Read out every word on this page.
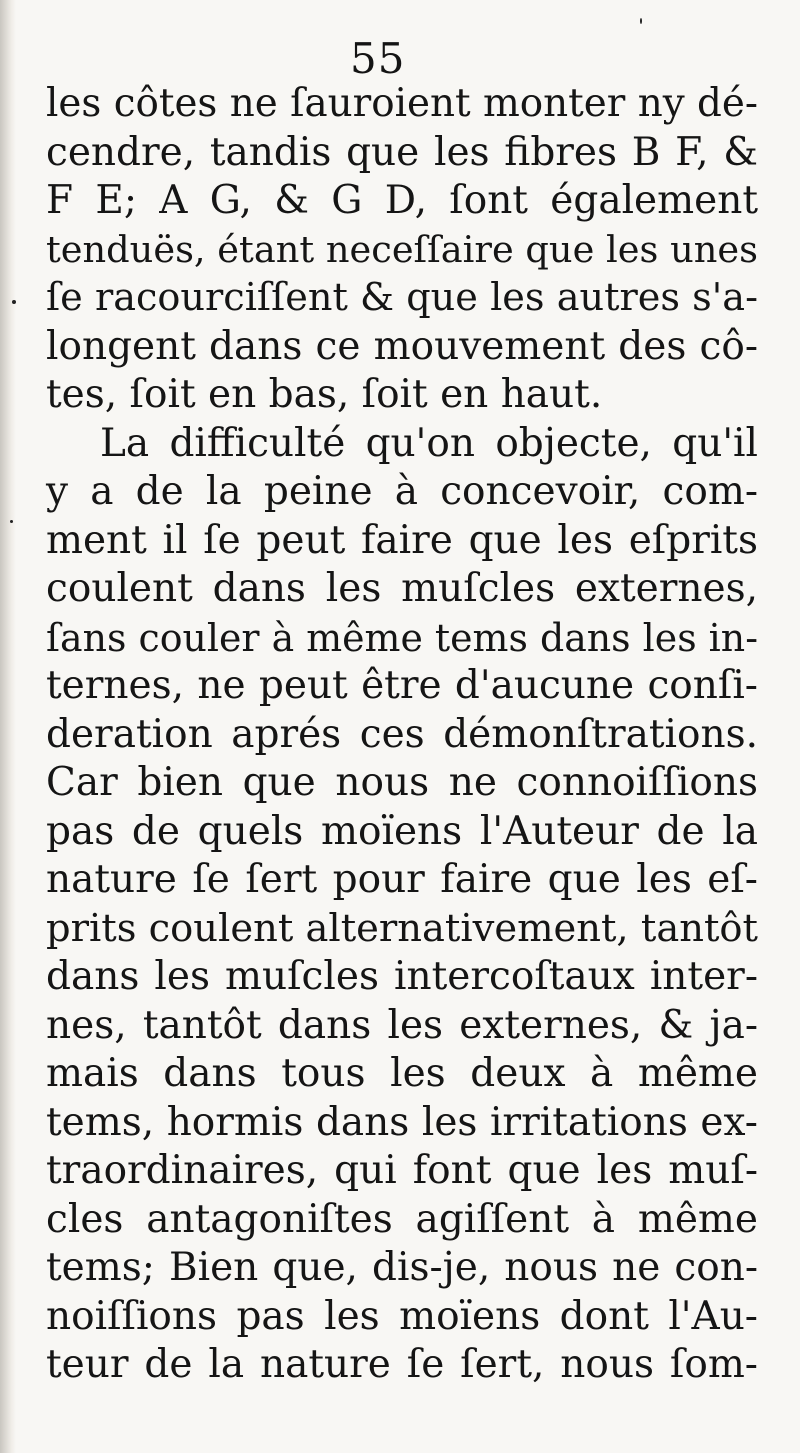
55
les côtes ne ſauroient monter ny dé-
cendre, tandis que les fibres B F, &
F E; A G, & G D, ſont également
tenduës, étant neceſſaire que les unes
ſe racourciſſent & que les autres s'a-
longent dans ce mouvement des cô-
tes, ſoit en bas, ſoit en haut.
La difficulté qu'on objecte, qu'il
y a de la peine à concevoir, com-
ment il ſe peut faire que les eſprits
coulent dans les muſcles externes,
ſans couler à même tems dans les in-
ternes, ne peut être d'aucune conſi-
deration aprés ces démonſtrations.
Car bien que nous ne connoiſſions
pas de quels moïens l'Auteur de la
nature ſe ſert pour faire que les eſ-
prits coulent alternativement, tantôt
dans les muſcles intercoſtaux inter-
nes, tantôt dans les externes, & ja-
mais dans tous les deux à même
tems, hormis dans les irritations ex-
traordinaires, qui font que les muſ-
cles antagoniſtes agiſſent à même
tems; Bien que, dis-je, nous ne con-
noiſſions pas les moïens dont l'Au-
teur de la nature ſe ſert, nous ſom-
